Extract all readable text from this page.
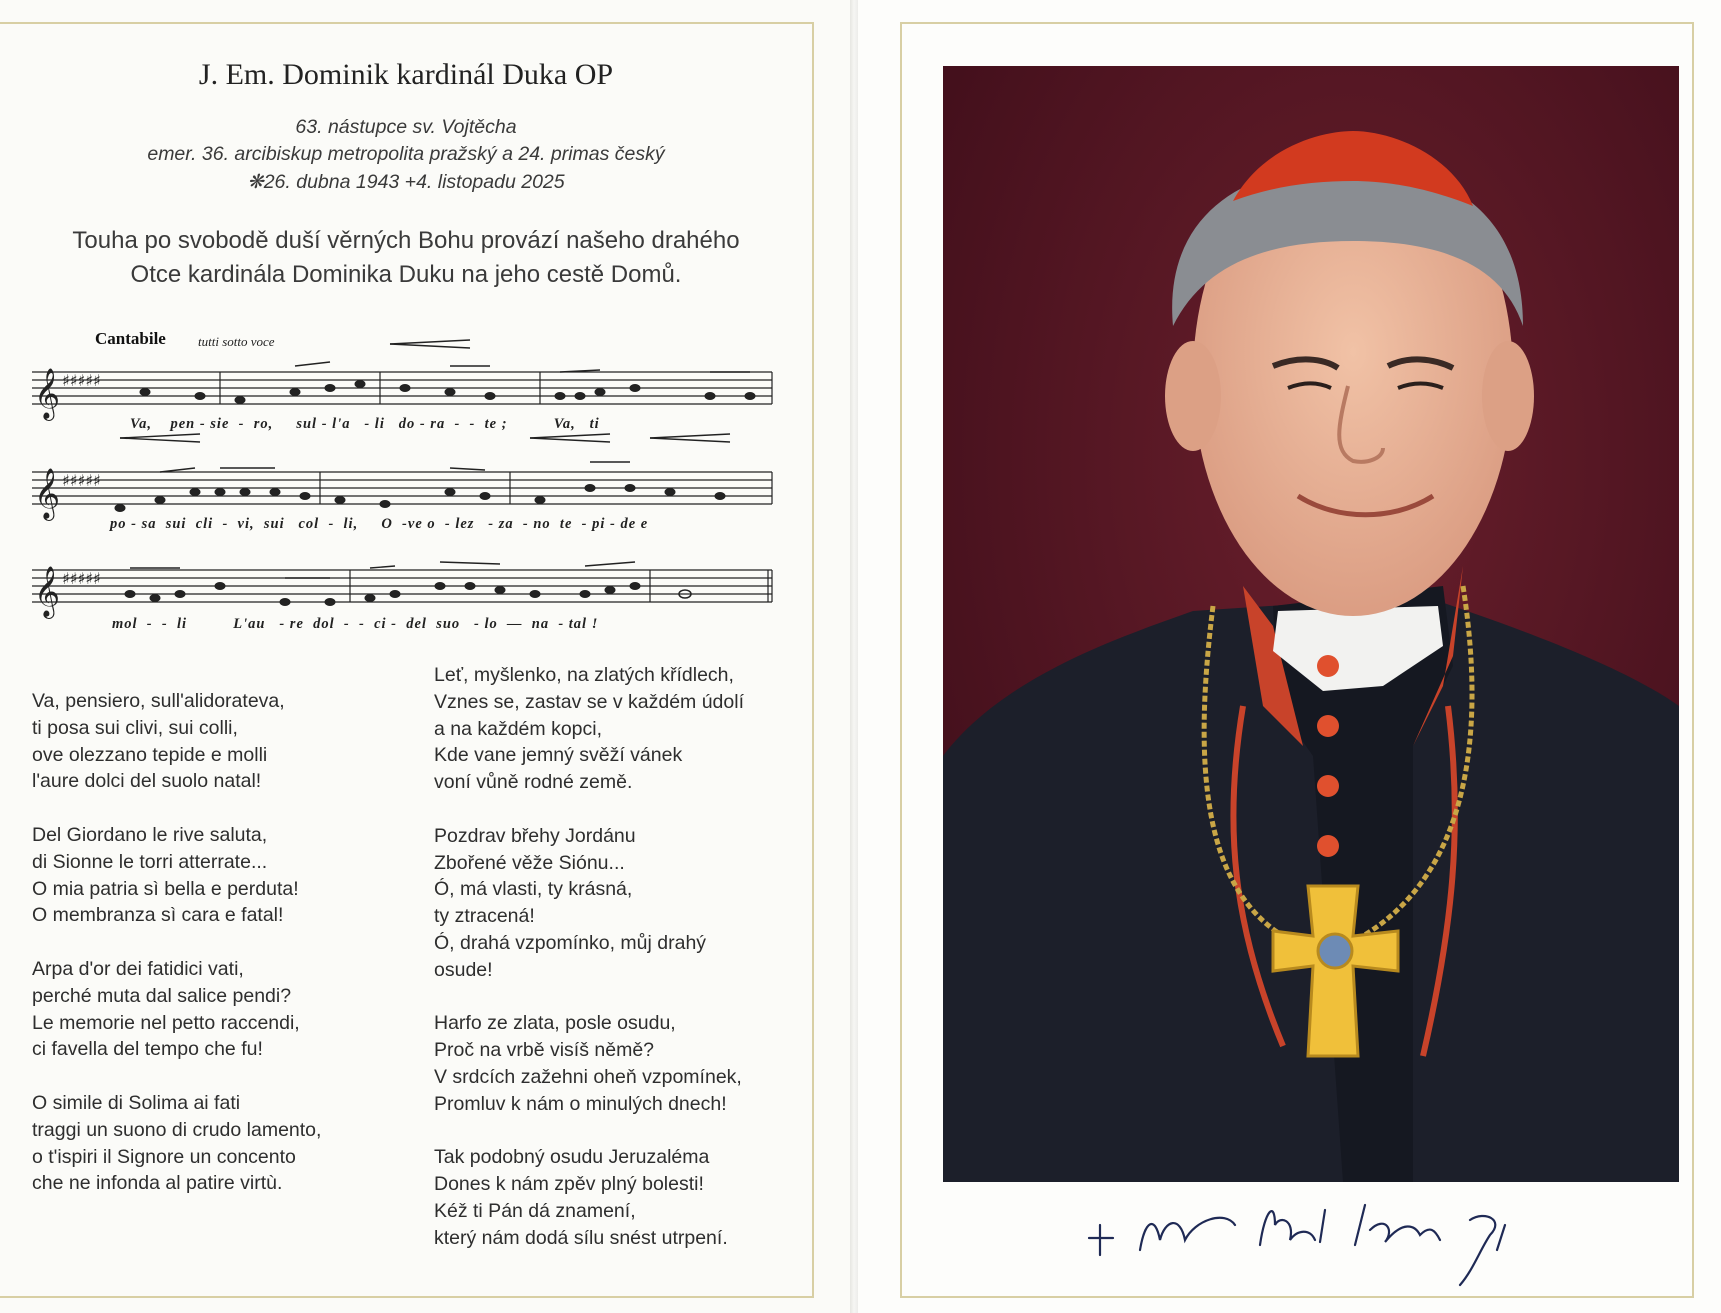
J. Em. Dominik kardinál Duka OP
63. nástupce sv. Vojtěcha
emer. 36. arcibiskup metropolita pražský a 24. primas český
❋26. dubna 1943 +4. listopadu 2025
Touha po svobodě duší věrných Bohu provází našeho drahého
Otce kardinála Dominika Duku na jeho cestě Domů.
Cantabile tutti sotto voce
𝄞
𝄞
𝄞
♯♯♯♯♯
♯♯♯♯♯
♯♯♯♯♯
Va,    pen - sie  -  ro,     sul - l'a   - li   do - ra  -  -  te ;          Va,   ti
po - sa  sui  cli  -  vi,  sui   col  -  li,     O  -ve o  - lez   - za  - no  te  - pi - de e
mol  -  -  li          L'au   - re  dol  -  -  ci -  del  suo   - lo  —  na  - tal !
Va, pensiero, sull'alidorateva,
ti posa sui clivi, sui colli,
ove olezzano tepide e molli
l'aure dolci del suolo natal!

Del Giordano le rive saluta,
di Sionne le torri atterrate...
O mia patria sì bella e perduta!
O membranza sì cara e fatal!

Arpa d'or dei fatidici vati,
perché muta dal salice pendi?
Le memorie nel petto raccendi,
ci favella del tempo che fu!

O simile di Solima ai fati
traggi un suono di crudo lamento,
o t'ispiri il Signore un concento
che ne infonda al patire virtù.
Leť, myšlenko, na zlatých křídlech,
Vznes se, zastav se v každém údolí
a na každém kopci,
Kde vane jemný svěží vánek
voní vůně rodné země.

Pozdrav břehy Jordánu
Zbořené věže Siónu...
Ó, má vlasti, ty krásná,
ty ztracená!
Ó, drahá vzpomínko, můj drahý
osude!

Harfo ze zlata, posle osudu,
Proč na vrbě visíš němě?
V srdcích zažehni oheň vzpomínek,
Promluv k nám o minulých dnech!

Tak podobný osudu Jeruzaléma
Dones k nám zpěv plný bolesti!
Kéž ti Pán dá znamení,
který nám dodá sílu snést utrpení.
